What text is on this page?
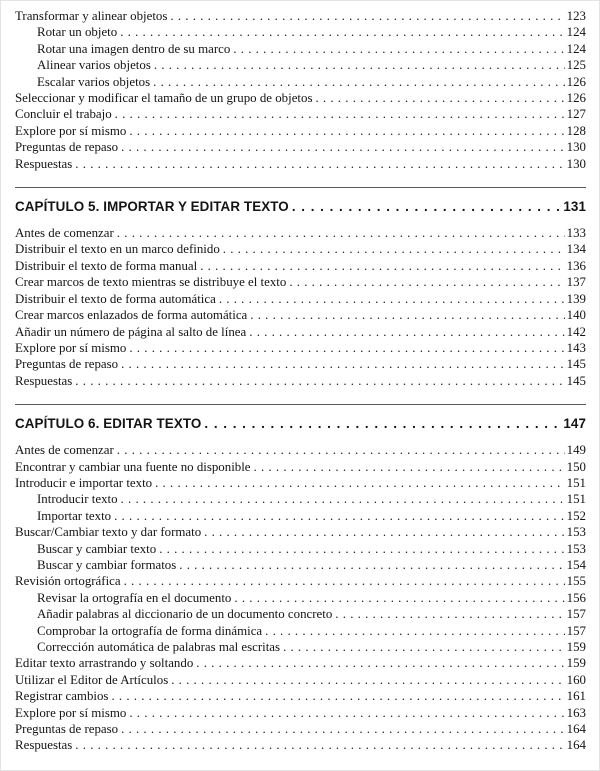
Transformar y alinear objetos . . .	123
Rotar un objeto . . .	124
Rotar una imagen dentro de su marco . . .	124
Alinear varios objetos . . .	125
Escalar varios objetos . . .	126
Seleccionar y modificar el tamaño de un grupo de objetos . . .	126
Concluir el trabajo . . .	127
Explore por sí mismo . . .	128
Preguntas de repaso . . .	130
Respuestas . . .	130
CAPÍTULO 5. IMPORTAR Y EDITAR TEXTO . . .	131
Antes de comenzar . . .	133
Distribuir el texto en un marco definido . . .	134
Distribuir el texto de forma manual . . .	136
Crear marcos de texto mientras se distribuye el texto . . .	137
Distribuir el texto de forma automática . . .	139
Crear marcos enlazados de forma automática . . .	140
Añadir un número de página al salto de línea . . .	142
Explore por sí mismo . . .	143
Preguntas de repaso . . .	145
Respuestas . . .	145
CAPÍTULO 6. EDITAR TEXTO . . .	147
Antes de comenzar . . .	149
Encontrar y cambiar una fuente no disponible . . .	150
Introducir e importar texto . . .	151
Introducir texto . . .	151
Importar texto . . .	152
Buscar/Cambiar texto y dar formato . . .	153
Buscar y cambiar texto . . .	153
Buscar y cambiar formatos . . .	154
Revisión ortográfica . . .	155
Revisar la ortografía en el documento . . .	156
Añadir palabras al diccionario de un documento concreto . . .	157
Comprobar la ortografía de forma dinámica . . .	157
Corrección automática de palabras mal escritas . . .	159
Editar texto arrastrando y soltando . . .	159
Utilizar el Editor de Artículos . . .	160
Registrar cambios . . .	161
Explore por sí mismo . . .	163
Preguntas de repaso . . .	164
Respuestas . . .	164
